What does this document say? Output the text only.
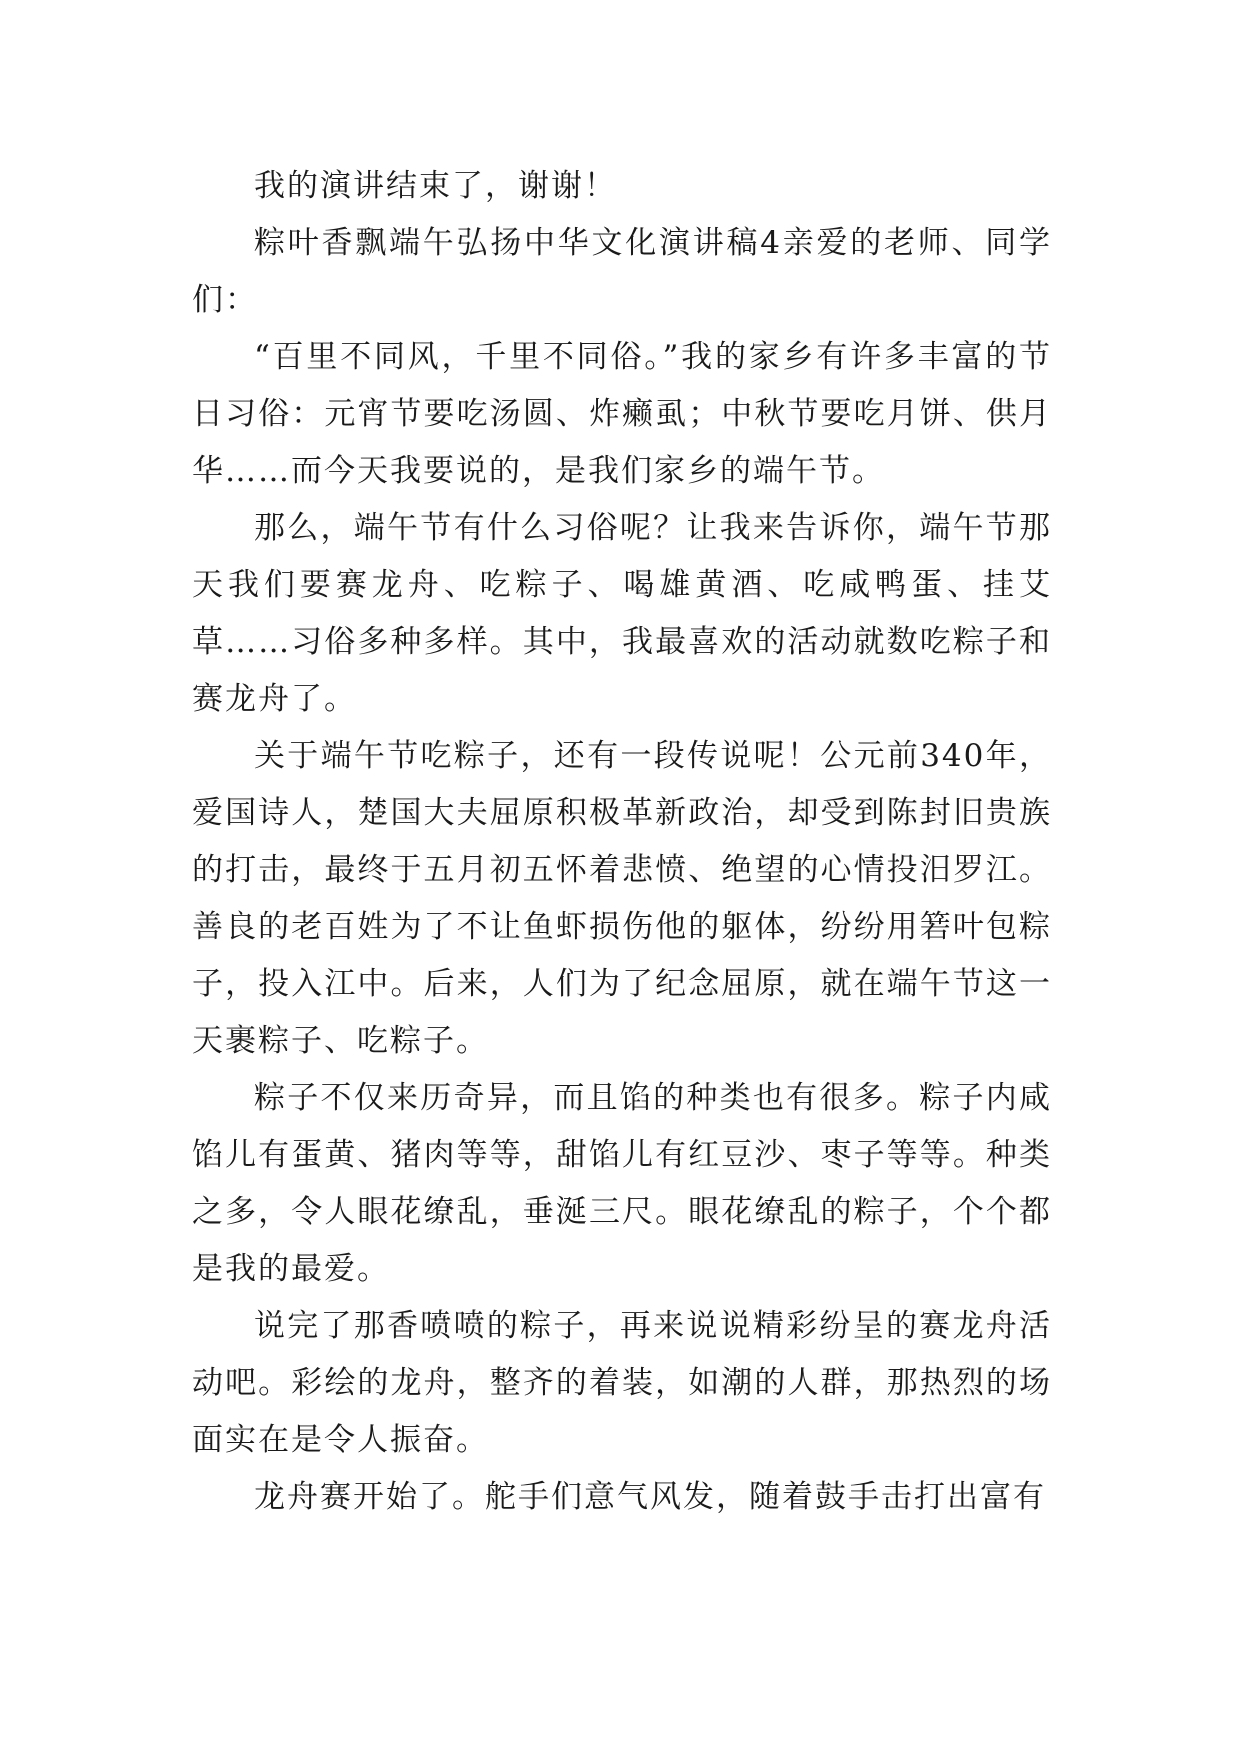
我的演讲结束了，谢谢！

粽叶香飘端午弘扬中华文化演讲稿4亲爱的老师、同学们：

“百里不同风，千里不同俗。”我的家乡有许多丰富的节日习俗：元宵节要吃汤圆、炸癞虱；中秋节要吃月饼、供月华……而今天我要说的，是我们家乡的端午节。

那么，端午节有什么习俗呢？让我来告诉你，端午节那天我们要赛龙舟、吃粽子、喝雄黄酒、吃咸鸭蛋、挂艾草……习俗多种多样。其中，我最喜欢的活动就数吃粽子和赛龙舟了。

关于端午节吃粽子，还有一段传说呢！公元前340年，爱国诗人，楚国大夫屈原积极革新政治，却受到陈封旧贵族的打击，最终于五月初五怀着悲愤、绝望的心情投汨罗江。善良的老百姓为了不让鱼虾损伤他的躯体，纷纷用箬叶包粽子，投入江中。后来，人们为了纪念屈原，就在端午节这一天裹粽子、吃粽子。

粽子不仅来历奇异，而且馅的种类也有很多。粽子内咸馅儿有蛋黄、猪肉等等，甜馅儿有红豆沙、枣子等等。种类之多，令人眼花缭乱，垂涎三尺。眼花缭乱的粽子，个个都是我的最爱。

说完了那香喷喷的粽子，再来说说精彩纷呈的赛龙舟活动吧。彩绘的龙舟，整齐的着装，如潮的人群，那热烈的场面实在是令人振奋。

龙舟赛开始了。舵手们意气风发，随着鼓手击打出富有
